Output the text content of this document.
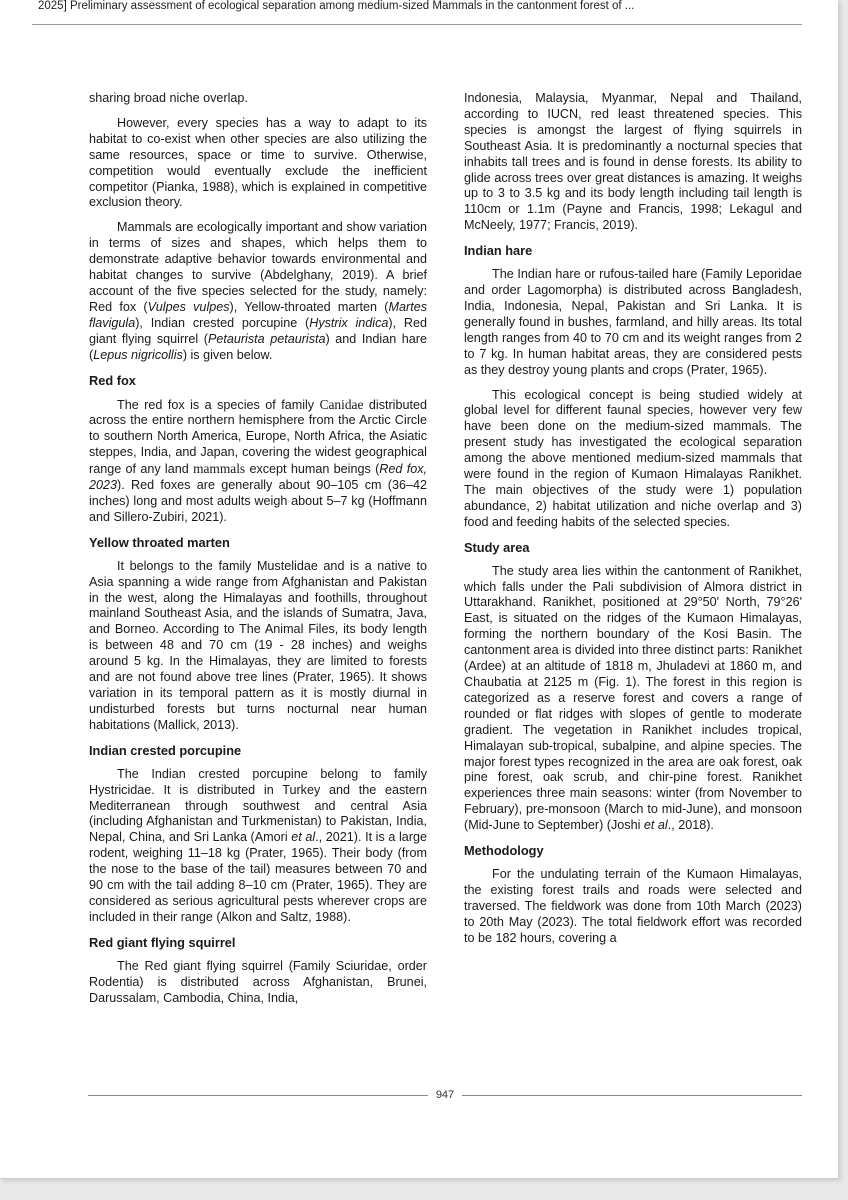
2025] Preliminary assessment of ecological separation among medium-sized Mammals in the cantonment forest of ...

sharing broad niche overlap.

However, every species has a way to adapt to its habitat to co-exist when other species are also utilizing the same resources, space or time to survive. Otherwise, competition would eventually exclude the inefficient competitor (Pianka, 1988), which is explained in competitive exclusion theory.

Mammals are ecologically important and show variation in terms of sizes and shapes, which helps them to demonstrate adaptive behavior towards environmental and habitat changes to survive (Abdelghany, 2019). A brief account of the five species selected for the study, namely: Red fox (Vulpes vulpes), Yellow-throated marten (Martes flavigula), Indian crested porcupine (Hystrix indica), Red giant flying squirrel (Petaurista petaurista) and Indian hare (Lepus nigricollis) is given below.

Red fox

The red fox is a species of family Canidae distributed across the entire northern hemisphere from the Arctic Circle to southern North America, Europe, North Africa, the Asiatic steppes, India, and Japan, covering the widest geographical range of any land mammals except human beings (Red fox, 2023). Red foxes are generally about 90–105 cm (36–42 inches) long and most adults weigh about 5–7 kg (Hoffmann and Sillero-Zubiri, 2021).

Yellow throated marten

It belongs to the family Mustelidae and is a native to Asia spanning a wide range from Afghanistan and Pakistan in the west, along the Himalayas and foothills, throughout mainland Southeast Asia, and the islands of Sumatra, Java, and Borneo. According to The Animal Files, its body length is between 48 and 70 cm (19 - 28 inches) and weighs around 5 kg. In the Himalayas, they are limited to forests and are not found above tree lines (Prater, 1965). It shows variation in its temporal pattern as it is mostly diurnal in undisturbed forests but turns nocturnal near human habitations (Mallick, 2013).

Indian crested porcupine

The Indian crested porcupine belong to family Hystricidae. It is distributed in Turkey and the eastern Mediterranean through southwest and central Asia (including Afghanistan and Turkmenistan) to Pakistan, India, Nepal, China, and Sri Lanka (Amori et al., 2021). It is a large rodent, weighing 11–18 kg (Prater, 1965). Their body (from the nose to the base of the tail) measures between 70 and 90 cm with the tail adding 8–10 cm (Prater, 1965). They are considered as serious agricultural pests wherever crops are included in their range (Alkon and Saltz, 1988).

Red giant flying squirrel

The Red giant flying squirrel (Family Sciuridae, order Rodentia) is distributed across Afghanistan, Brunei, Darussalam, Cambodia, China, India,

Indonesia, Malaysia, Myanmar, Nepal and Thailand, according to IUCN, red least threatened species. This species is amongst the largest of flying squirrels in Southeast Asia. It is predominantly a nocturnal species that inhabits tall trees and is found in dense forests. Its ability to glide across trees over great distances is amazing. It weighs up to 3 to 3.5 kg and its body length including tail length is 110cm or 1.1m (Payne and Francis, 1998; Lekagul and McNeely, 1977; Francis, 2019).

Indian hare

The Indian hare or rufous-tailed hare (Family Leporidae and order Lagomorpha) is distributed across Bangladesh, India, Indonesia, Nepal, Pakistan and Sri Lanka. It is generally found in bushes, farmland, and hilly areas. Its total length ranges from 40 to 70 cm and its weight ranges from 2 to 7 kg. In human habitat areas, they are considered pests as they destroy young plants and crops (Prater, 1965).

This ecological concept is being studied widely at global level for different faunal species, however very few have been done on the medium-sized mammals. The present study has investigated the ecological separation among the above mentioned medium-sized mammals that were found in the region of Kumaon Himalayas Ranikhet. The main objectives of the study were 1) population abundance, 2) habitat utilization and niche overlap and 3) food and feeding habits of the selected species.

Study area

The study area lies within the cantonment of Ranikhet, which falls under the Pali subdivision of Almora district in Uttarakhand. Ranikhet, positioned at 29°50' North, 79°26' East, is situated on the ridges of the Kumaon Himalayas, forming the northern boundary of the Kosi Basin. The cantonment area is divided into three distinct parts: Ranikhet (Ardee) at an altitude of 1818 m, Jhuladevi at 1860 m, and Chaubatia at 2125 m (Fig. 1). The forest in this region is categorized as a reserve forest and covers a range of rounded or flat ridges with slopes of gentle to moderate gradient. The vegetation in Ranikhet includes tropical, Himalayan sub-tropical, subalpine, and alpine species. The major forest types recognized in the area are oak forest, oak pine forest, oak scrub, and chir-pine forest. Ranikhet experiences three main seasons: winter (from November to February), pre-monsoon (March to mid-June), and monsoon (Mid-June to September) (Joshi et al., 2018).

Methodology

For the undulating terrain of the Kumaon Himalayas, the existing forest trails and roads were selected and traversed. The fieldwork was done from 10th March (2023) to 20th May (2023). The total fieldwork effort was recorded to be 182 hours, covering a

947
